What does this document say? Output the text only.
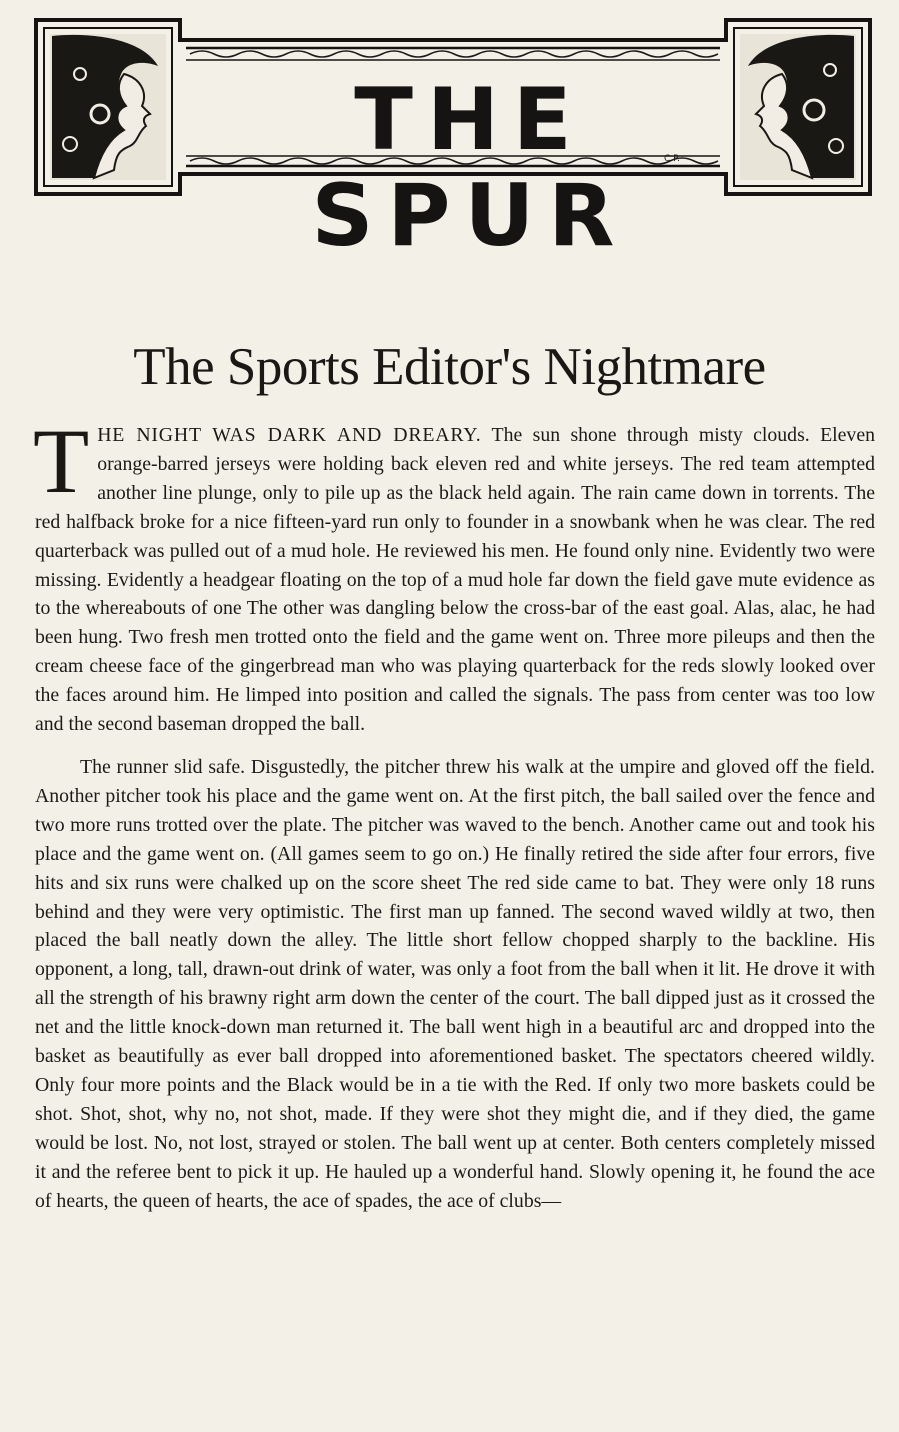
THE SPUR
C.P.
The Sports Editor's Nightmare

THE NIGHT WAS DARK AND DREARY. The sun shone through misty clouds. Eleven orange-barred jerseys were holding back eleven red and white jerseys. The red team attempted another line plunge, only to pile up as the black held again. The rain came down in torrents. The red halfback broke for a nice fifteen-yard run only to founder in a snowbank when he was clear. The red quarterback was pulled out of a mud hole. He reviewed his men. He found only nine. Evidently two were missing. Evidently a headgear floating on the top of a mud hole far down the field gave mute evidence as to the whereabouts of one The other was dangling below the cross-bar of the east goal. Alas, alac, he had been hung. Two fresh men trotted onto the field and the game went on. Three more pileups and then the cream cheese face of the gingerbread man who was playing quarterback for the reds slowly looked over the faces around him. He limped into position and called the signals. The pass from center was too low and the second baseman dropped the ball.

The runner slid safe. Disgustedly, the pitcher threw his walk at the umpire and gloved off the field. Another pitcher took his place and the game went on. At the first pitch, the ball sailed over the fence and two more runs trotted over the plate. The pitcher was waved to the bench. Another came out and took his place and the game went on. (All games seem to go on.) He finally retired the side after four errors, five hits and six runs were chalked up on the score sheet The red side came to bat. They were only 18 runs behind and they were very optimistic. The first man up fanned. The second waved wildly at two, then placed the ball neatly down the alley. The little short fellow chopped sharply to the backline. His opponent, a long, tall, drawn-out drink of water, was only a foot from the ball when it lit. He drove it with all the strength of his brawny right arm down the center of the court. The ball dipped just as it crossed the net and the little knock-down man returned it. The ball went high in a beautiful arc and dropped into the basket as beautifully as ever ball dropped into aforementioned basket. The spectators cheered wildly. Only four more points and the Black would be in a tie with the Red. If only two more baskets could be shot. Shot, shot, why no, not shot, made. If they were shot they might die, and if they died, the game would be lost. No, not lost, strayed or stolen. The ball went up at center. Both centers completely missed it and the referee bent to pick it up. He hauled up a wonderful hand. Slowly opening it, he found the ace of hearts, the queen of hearts, the ace of spades, the ace of clubs—
